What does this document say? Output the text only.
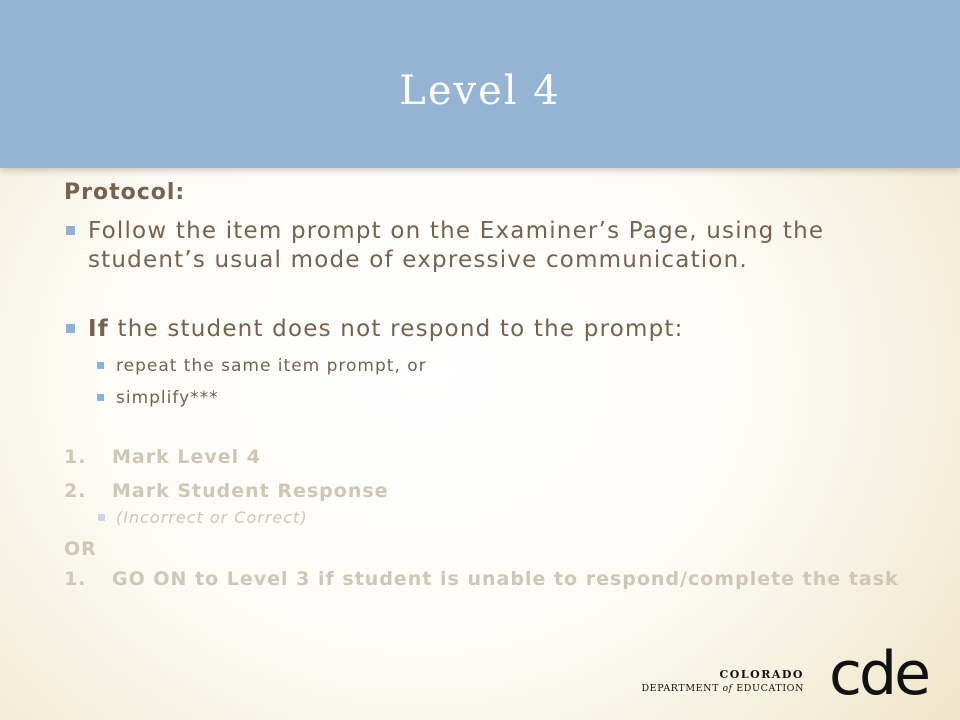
Level 4
Protocol:
Follow the item prompt on the Examiner’s Page, using the student’s usual mode of expressive communication.
If the student does not respond to the prompt:
repeat the same item prompt, or
simplify***
1. Mark Level 4
2. Mark Student Response
(Incorrect or Correct)
OR
1. GO ON to Level 3 if student is unable to respond/complete the task
COLORADO
DEPARTMENT of EDUCATION cde
